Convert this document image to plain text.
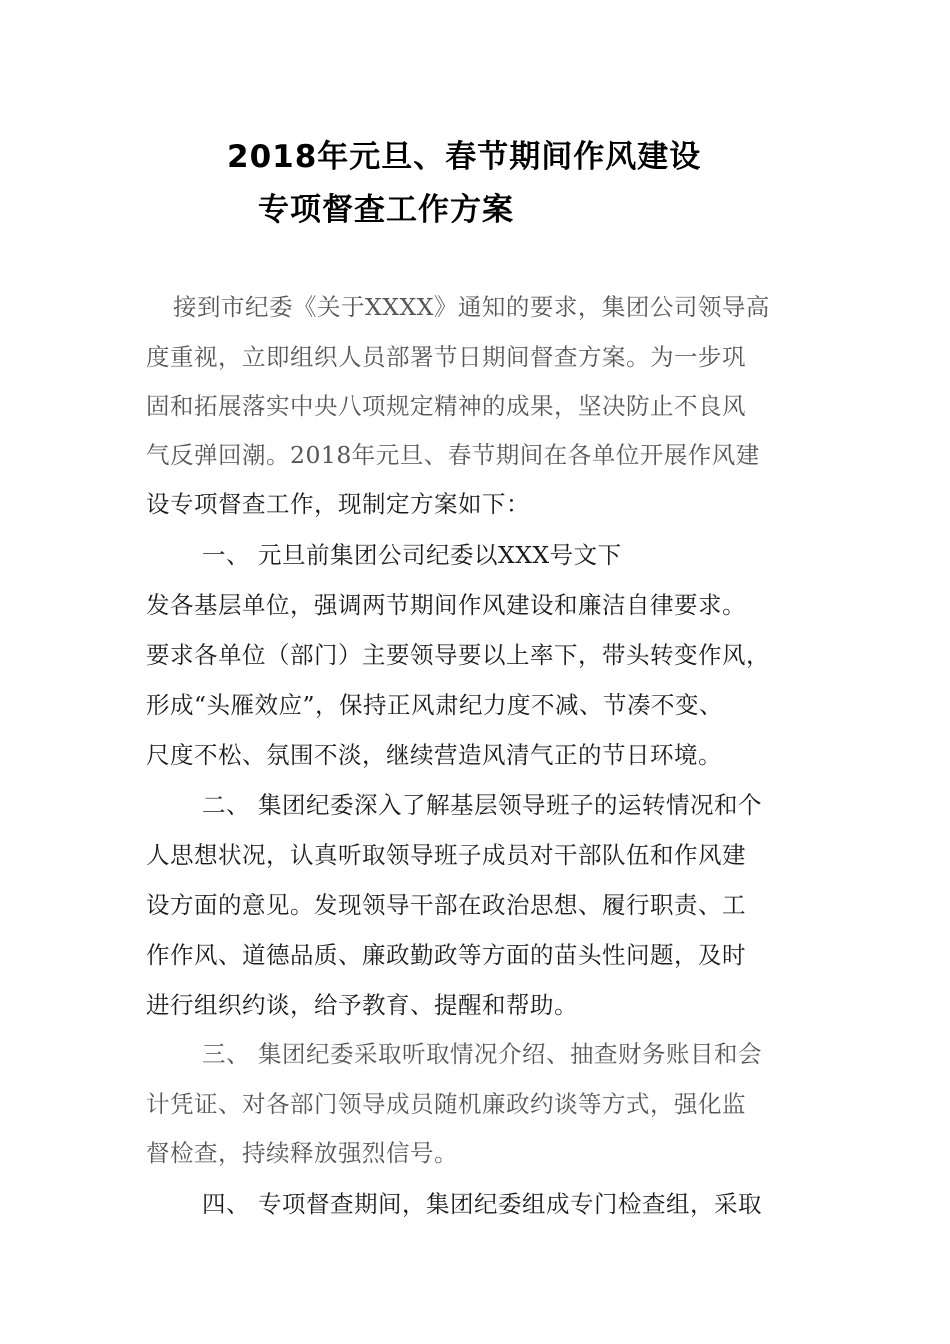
2018年元旦、春节期间作风建设
专项督查工作方案
接到市纪委《关于XXXX》通知的要求，集团公司领导高
度重视，立即组织人员部署节日期间督查方案。为一步巩
固和拓展落实中央八项规定精神的成果，坚决防止不良风
气反弹回潮。2018年元旦、春节期间在各单位开展作风建
设专项督查工作，现制定方案如下：
一、 元旦前集团公司纪委以XXX号文下
发各基层单位，强调两节期间作风建设和廉洁自律要求。
要求各单位（部门）主要领导要以上率下，带头转变作风，
形成“头雁效应”，保持正风肃纪力度不减、节凑不变、
尺度不松、氛围不淡，继续营造风清气正的节日环境。
二、 集团纪委深入了解基层领导班子的运转情况和个
人思想状况，认真听取领导班子成员对干部队伍和作风建
设方面的意见。发现领导干部在政治思想、履行职责、工
作作风、道德品质、廉政勤政等方面的苗头性问题，及时
进行组织约谈，给予教育、提醒和帮助。
三、 集团纪委采取听取情况介绍、抽查财务账目和会
计凭证、对各部门领导成员随机廉政约谈等方式，强化监
督检查，持续释放强烈信号。
四、 专项督查期间，集团纪委组成专门检查组，采取
